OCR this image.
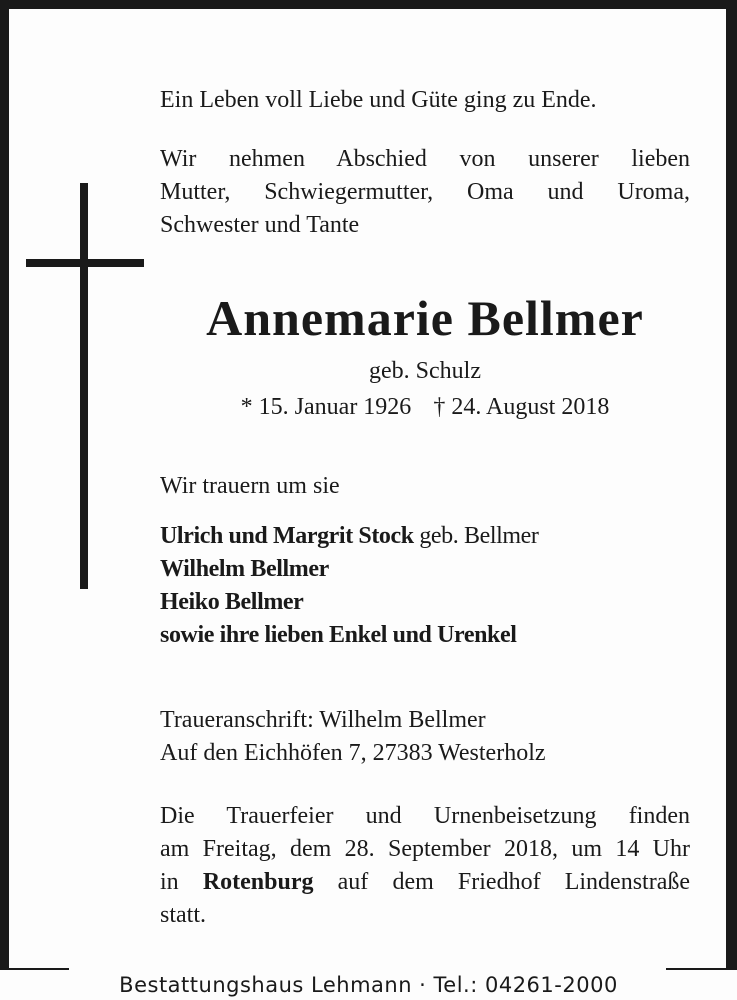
Ein Leben voll Liebe und Güte ging zu Ende.

Wir nehmen Abschied von unserer lieben
Mutter, Schwiegermutter, Oma und Uroma,
Schwester und Tante
Annemarie Bellmer

geb. Schulz

* 15. Januar 1926 † 24. August 2018

Wir trauern um sie

Ulrich und Margrit Stock geb. Bellmer
Wilhelm Bellmer
Heiko Bellmer
sowie ihre lieben Enkel und Urenkel

Traueranschrift: Wilhelm Bellmer

Auf den Eichhöfen 7, 27383 Westerholz

Die Trauerfeier und Urnenbeisetzung finden
am Freitag, dem 28. September 2018, um 14 Uhr
in Rotenburg auf dem Friedhof Lindenstraße
statt.
Bestattungshaus Lehmann · Tel.: 04261-2000
